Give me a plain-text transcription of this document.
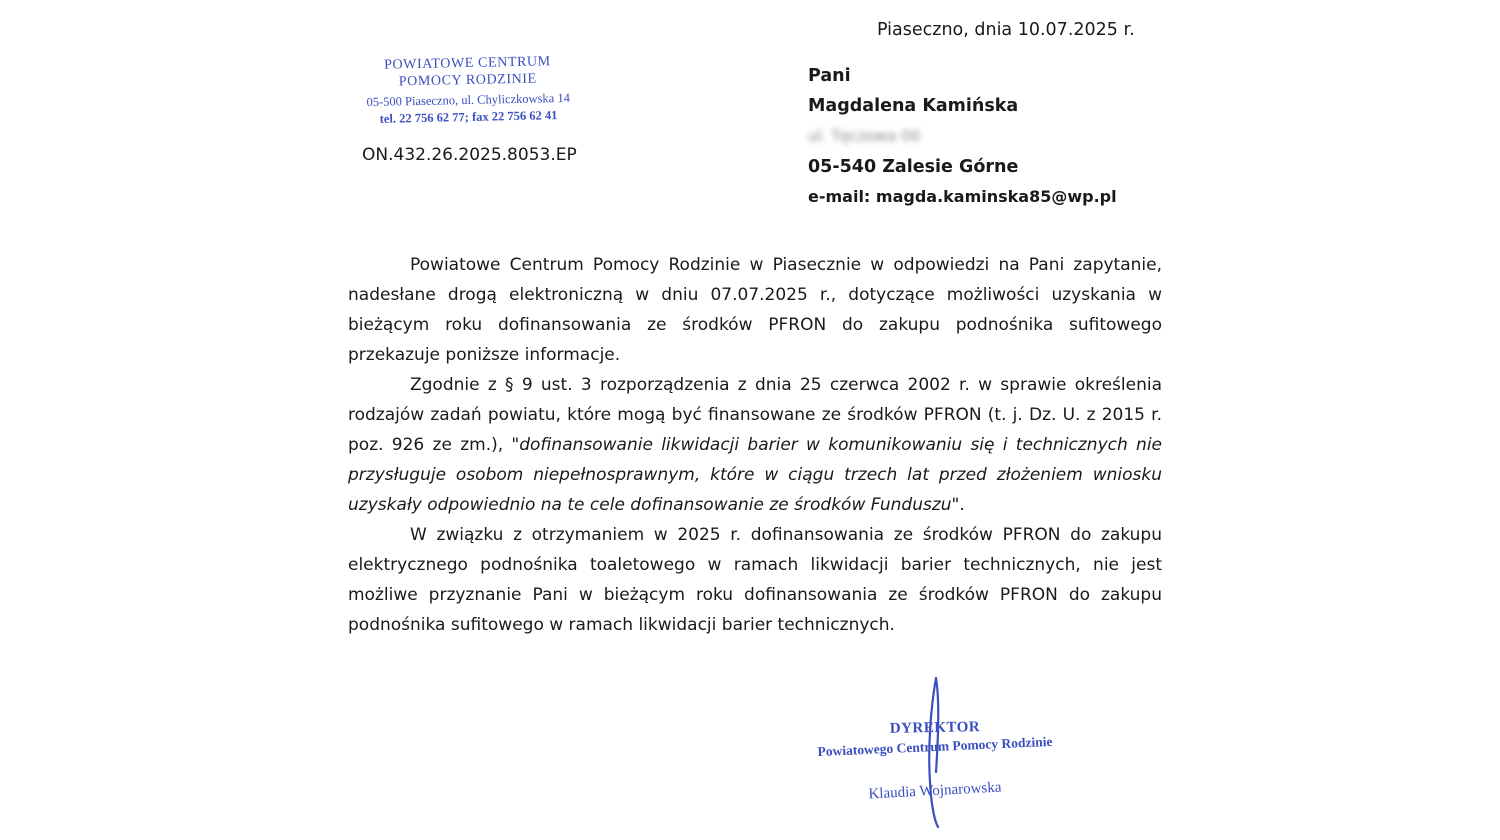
Piaseczno, dnia 10.07.2025 r.
POWIATOWE CENTRUM
POMOCY RODZINIE
05-500 Piaseczno, ul. Chyliczkowska 14
tel. 22 756 62 77; fax 22 756 62 41
ON.432.26.2025.8053.EP
Pani
Magdalena Kamińska
ul. Tęczowa 00
05-540 Zalesie Górne
e-mail: magda.kaminska85@wp.pl

Powiatowe Centrum Pomocy Rodzinie w Piasecznie w odpowiedzi na Pani zapytanie, nadesłane drogą elektroniczną w dniu 07.07.2025 r., dotyczące możliwości uzyskania w bieżącym roku dofinansowania ze środków PFRON do zakupu podnośnika sufitowego przekazuje poniższe informacje.

Zgodnie z § 9 ust. 3 rozporządzenia z dnia 25 czerwca 2002 r. w sprawie określenia rodzajów zadań powiatu, które mogą być finansowane ze środków PFRON (t. j. Dz. U. z 2015 r. poz. 926 ze zm.), "dofinansowanie likwidacji barier w komunikowaniu się i technicznych nie przysługuje osobom niepełnosprawnym, które w ciągu trzech lat przed złożeniem wniosku uzyskały odpowiednio na te cele dofinansowanie ze środków Funduszu".

W związku z otrzymaniem w 2025 r. dofinansowania ze środków PFRON do zakupu elektrycznego podnośnika toaletowego w ramach likwidacji barier technicznych, nie jest możliwe przyznanie Pani w bieżącym roku dofinansowania ze środków PFRON do zakupu podnośnika sufitowego w ramach likwidacji barier technicznych.

DYREKTOR
Powiatowego Centrum Pomocy Rodzinie
Klaudia Wojnarowska
